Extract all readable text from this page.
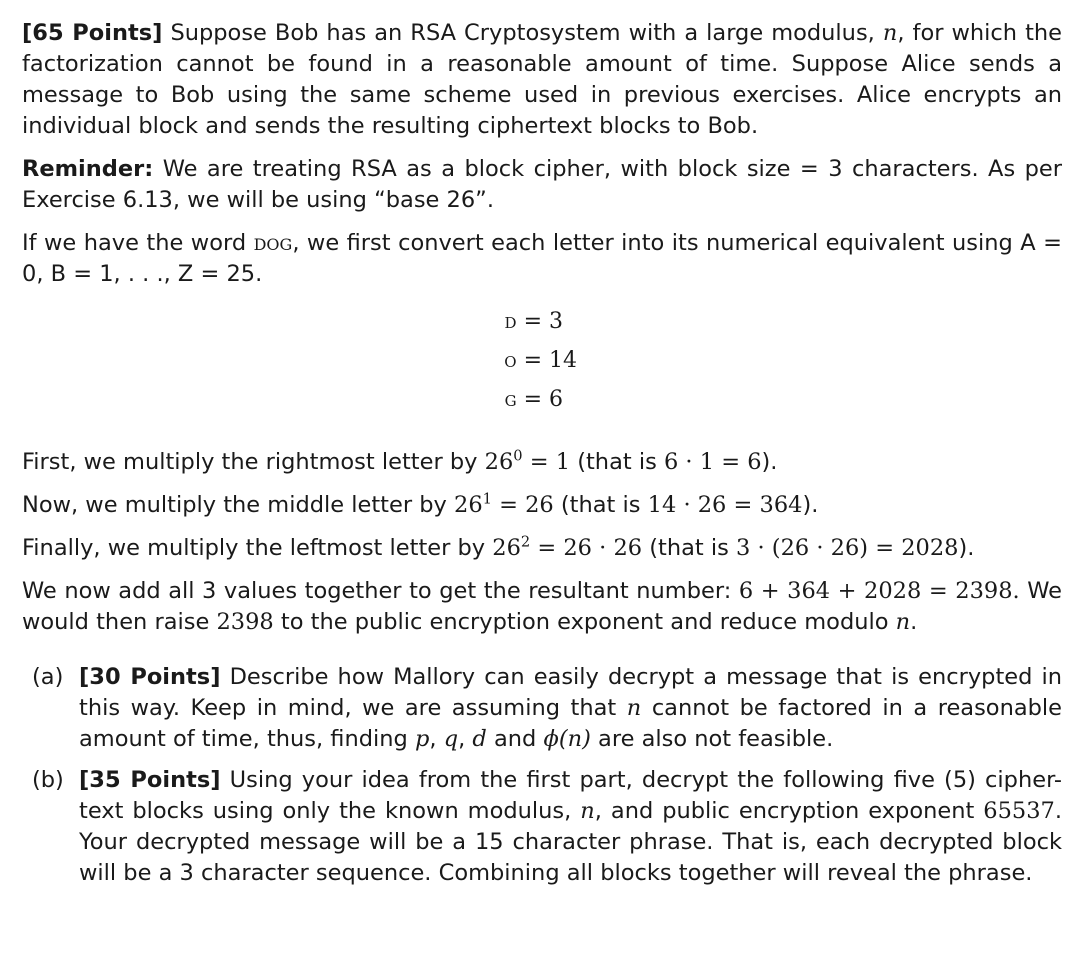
[65 Points] Suppose Bob has an RSA Cryptosystem with a large modulus, n, for which the factorization cannot be found in a reasonable amount of time. Suppose Alice sends a message to Bob using the same scheme used in previous exercises. Alice encrypts an individual block and sends the resulting ciphertext blocks to Bob.

Reminder: We are treating RSA as a block cipher, with block size = 3 characters. As per Exercise 6.13, we will be using “base 26”.

If we have the word dog, we first convert each letter into its numerical equivalent using A = 0, B = 1, . . ., Z = 25.

d = 3
o = 14
g = 6
First, we multiply the rightmost letter by $26^0 = 1$ (that is 6 · 1 = 6).
Now, we multiply the middle letter by $26^1 = 26$ (that is 14 · 26 = 364).
Finally, we multiply the leftmost letter by $26^2 = 26 \cdot 26$ (that is 3 · (26 · 26) = 2028).

We now add all 3 values together to get the resultant number: 6 + 364 + 2028 = 2398. We would then raise 2398 to the public encryption exponent and reduce modulo n.

(a) [30 Points] Describe how Mallory can easily decrypt a message that is encrypted in this way. Keep in mind, we are assuming that n cannot be factored in a reasonable amount of time, thus, finding p, q, d and ϕ(n) are also not feasible.
(b) [35 Points] Using your idea from the first part, decrypt the following five (5) cipher- text blocks using only the known modulus, n, and public encryption exponent 65537. Your decrypted message will be a 15 character phrase. That is, each decrypted block will be a 3 character sequence. Combining all blocks together will reveal the phrase.
